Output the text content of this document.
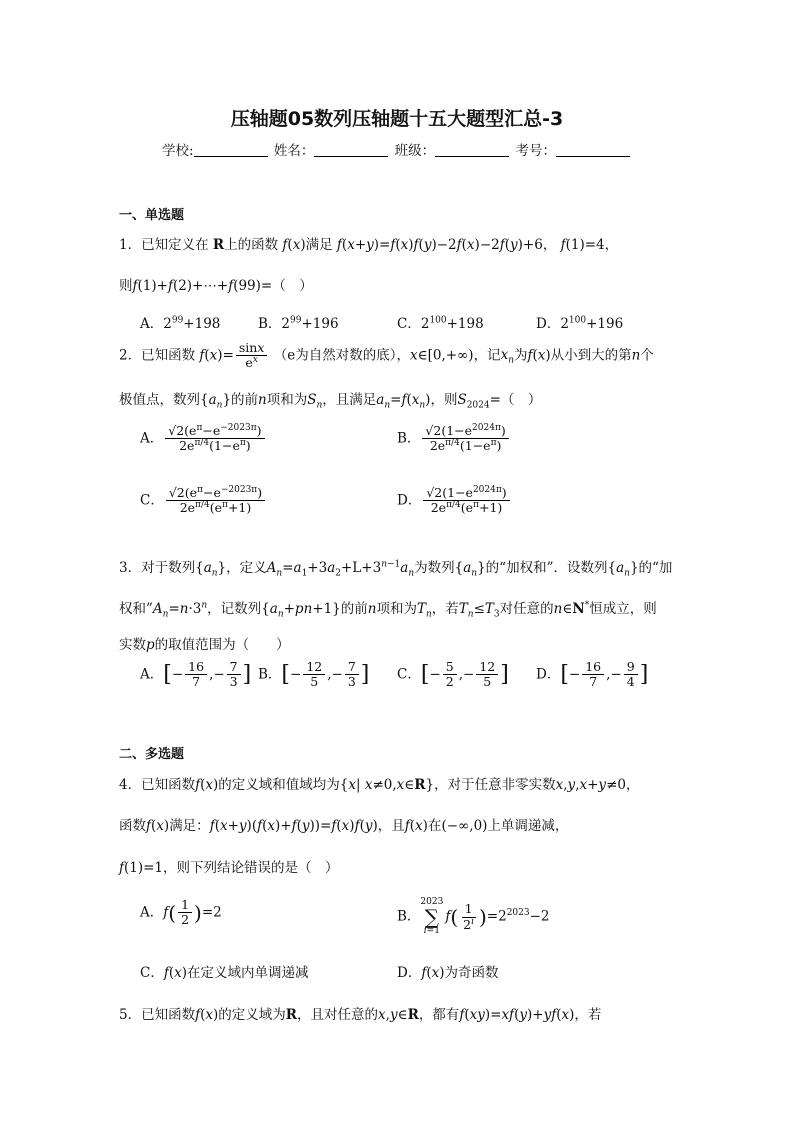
压轴题05数列压轴题十五大题型汇总-3
学校:	姓名：	班级：	考号：
一、单选题
1．已知定义在 R上的函数 f(x)满足 f(x+y)=f(x)f(y)−2f(x)−2f(y)+6， f(1)=4，
则f(1)+f(2)+⋯+f(99)=（　）
A．$2^{99}+198$	B．$2^{99}+196$	C．$2^{100}+198$	D．$2^{100}+196$
2．已知函数 $f(x)= \frac{\sin x}{e^x} (e$为自然对数的底），x∈[0,+∞)，记$x_n$为f(x)从小到大的第n个
极值点，数列$\{a_n\}$的前n项和为$S_n$，且满足$a_n=f(x_n)$，则$S_{2024}=$（　）
A． $\frac{√2(e^\pi-e^{-2023\pi})}{2e^{\pi/4}(1-e^\pi)}$	B． $\frac{√2(1-e^{2024\pi})}{2e^{\pi/4}(1-e^\pi)}$
C． $\frac{√2(e^\pi-e^{-2023\pi})}{2e^{\pi/4}(e^\pi+1)}$	D． $\frac{√2(1-e^{2024\pi})}{2e^{\pi/4}(e^\pi+1)}$
3．对于数列$\{a_n\}$，定义$A_n=a_1+3a_2+L+3^{n-1}a_n$为数列$\{a_n\}$的“加权和”．设数列$\{a_n\}$的“加
权和$”A_n=n\cdot 3^n$，记数列$\{a_n+pn+1\}$的前n项和为$T_n$，若$T_n\le T_3$对任意的n∈N*恒成立，则
实数p的取值范围为（　　）
A．[− $\frac{16}{7}$ ,− $\frac{7}{3}$ ] B．[− $\frac{12}{5}$ ,− $\frac{7}{3}$ ] C．[− $\frac{5}{2}$ ,− $\frac{12}{5}$ ] D．[− $\frac{16}{7}$ ,− $\frac{9}{4}$ ]
二、多选题
4．已知函数f(x)的定义域和值域均为{x| x≠0,x∈R}，对于任意非零实数x,y,x+y≠0，
函数f(x)满足：f(x+y)(f(x)+f(y))=f(x)f(y)，且f(x)在(−∞,0)上单调递减，
f(1)=1，则下列结论错误的是（　）
A．$f( \frac{1}{2} )=2$	B．
2023
∑
i=1
$f( \frac{1}{2^i} )=2^{2023}-2$
C．f(x)在定义域内单调递减	D．f(x)为奇函数
5．已知函数f(x)的定义域为R，且对任意的x,y∈R，都有f(xy)=xf(y)+yf(x)，若
